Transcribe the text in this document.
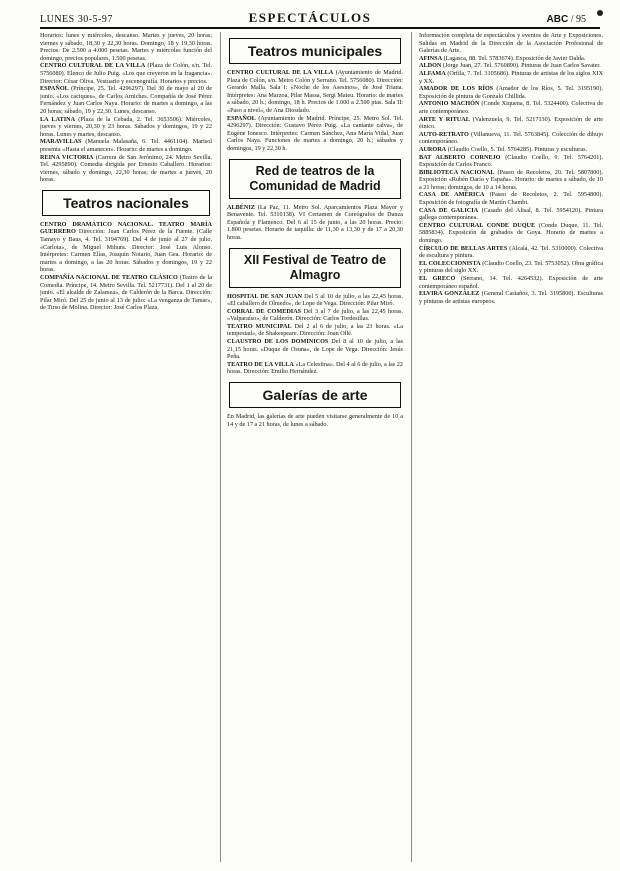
LUNES 30-5-97	ESPECTÁCULOS	ABC / 95

Horarios: lunes y miércoles, descanso. Martes y jueves, 20 horas; viernes y sábado, 18,30 y 22,30 horas. Domingo, 18 y 19,30 horas. Precios: De 2.500 a 4.000 pesetas. Martes y miércoles función del domingo, precios populares, 1.500 pesetas.

CENTRO CULTURAL DE LA VILLA (Plaza de Colón, s/n. Tel. 5756080). Elenco de Julio Puig. «Los que creyeron en la fragancia». Director: César Oliva. Vestuario y escenografía. Horarios y precios.

ESPAÑOL (Príncipe, 25. Tel. 4296297). Del 30 de mayo al 20 de junio. «Los caciques», de Carlos Arniches. Compañía de José Pérez Fernández y Juan Carlos Naya. Horario: de martes a domingo, a las 20 horas; sábado, 19 y 22,30. Lunes, descanso.

LA LATINA (Plaza de la Cebada, 2. Tel. 3653506). Miércoles, jueves y viernes, 20,30 y 23 horas. Sábados y domingos, 19 y 22 horas. Lunes y martes, descanso.

MARAVILLAS (Manuela Malasaña, 6. Tel. 4461104). Marisol presenta «Hasta el amanecer». Horario: de martes a domingo.

REINA VICTORIA (Carrera de San Jerónimo, 24. Metro Sevilla. Tel. 4295890). Comedia dirigida por Ernesto Caballero. Horarios: viernes, sábado y domingo, 22,30 horas; de martes a jueves, 20 horas.

Teatros nacionales

CENTRO DRAMÁTICO NACIONAL. TEATRO MARÍA GUERRERO Dirección: Juan Carlos Pérez de la Fuente. (Calle Tamayo y Baus, 4. Tel. 3194769). Del 4 de junio al 27 de julio. «Carlota», de Miguel Mihura. Director: José Luis Alonso. Intérpretes: Carmen Elías, Joaquín Notario, Juan Gea. Horario: de martes a domingo, a las 20 horas. Sábados y domingos, 19 y 22 horas.

COMPAÑÍA NACIONAL DE TEATRO CLÁSICO (Teatro de la Comedia. Príncipe, 14. Metro Sevilla. Tel. 5217731). Del 1 al 20 de junio. «El alcalde de Zalamea», de Calderón de la Barca. Dirección: Pilar Miró. Del 25 de junio al 13 de julio: «La venganza de Tamar», de Tirso de Molina. Director: José Carlos Plaza.

Teatros municipales

CENTRO CULTURAL DE LA VILLA (Ayuntamiento de Madrid. Plaza de Colón, s/n. Metro Colón y Serrano. Tel. 5756080). Dirección: Gerardo Malla. Sala I: «Noche de los Asesinos», de José Triana. Intérpretes: Ana Marzoa, Pilar Massa, Sergi Mateu. Horario: de martes a sábado, 20 h.; domingo, 18 h. Precios de 1.000 a 2.500 ptas. Sala II: «Paso a nivel», de Ana Diosdado.

ESPAÑOL (Ayuntamiento de Madrid. Príncipe, 25. Metro Sol. Tel. 4296297). Dirección: Gustavo Pérez Puig. «La cantante calva», de Eugène Ionesco. Intérpretes: Carmen Sánchez, Ana María Vidal, Juan Carlos Naya. Funciones de martes a domingo, 20 h.; sábados y domingos, 19 y 22,30 h.

Red de teatros de la Comunidad de Madrid

ALBÉNIZ (La Paz, 11. Metro Sol. Aparcamientos Plaza Mayor y Benavente. Tel. 5310138). VI Certamen de Coreógrafos de Danza Española y Flamenco. Del 6 al 15 de junio, a las 20 horas. Precio: 1.800 pesetas. Horario de taquilla: de 11,30 a 13,30 y de 17 a 20,30 horas.

XII Festival de Teatro de Almagro

HOSPITAL DE SAN JUAN Del 5 al 10 de julio, a las 22,45 horas. «El caballero de Olmedo», de Lope de Vega. Dirección: Pilar Miró.

CORRAL DE COMEDIAS Del 3 al 7 de julio, a las 22,45 horas. «Valparaíso», de Calderón. Dirección: Carlos Tordesillas.

TEATRO MUNICIPAL Del 2 al 6 de julio, a las 23 horas. «La tempestad», de Shakespeare. Dirección: Joan Ollé.

CLAUSTRO DE LOS DOMINICOS Del 8 al 10 de julio, a las 21,15 horas. «Duque de Osuna», de Lope de Vega. Dirección: Jesús Peña.

TEATRO DE LA VILLA «La Celestina». Del 4 al 6 de julio, a las 22 horas. Dirección: Emilio Hernández.

Galerías de arte

En Madrid, las galerías de arte pueden visitarse generalmente de 10 a 14 y de 17 a 21 horas, de lunes a sábado.

Información completa de espectáculos y eventos de Arte y Exposiciones. Salidas en Madrid de la Dirección de la Asociación Profesional de Galerías de Arte.

AFINSA (Lagasca, 88. Tel. 5783674). Exposición de Javier Dalda.

ALDON (Jorge Juan, 27. Tel. 5760890). Pinturas de Juan Carlos Savater.

ALFAMA (Orfila, 7. Tel. 3105686). Pinturas de artistas de los siglos XIX y XX.

AMADOR DE LOS RÍOS (Amador de los Ríos, 5. Tel. 3195190). Exposición de pintura de Gonzalo Chillida.

ANTONIO MACHÓN (Conde Xiquena, 8. Tel. 5324400). Colectiva de arte contemporáneo.

ARTE Y RITUAL (Valenzuela, 9. Tel. 5217130). Exposición de arte étnico.

AUTO-RETRATO (Villanueva, 11. Tel. 5763845). Colección de dibujo contemporáneo.

AURORA (Claudio Coello, 5. Tel. 5764285). Pinturas y esculturas.

BAT ALBERTO CORNEJO (Claudio Coello, 9. Tel. 5764201). Exposición de Carlos Franco.

BIBLIOTECA NACIONAL (Paseo de Recoletos, 20. Tel. 5807800). Exposición «Rubén Darío y España». Horario: de martes a sábado, de 10 a 21 horas; domingos, de 10 a 14 horas.

CASA DE AMÉRICA (Paseo de Recoletos, 2. Tel. 5954800). Exposición de fotografía de Martín Chambi.

CASA DE GALICIA (Casado del Alisal, 8. Tel. 5954120). Pintura gallega contemporánea.

CENTRO CULTURAL CONDE DUQUE (Conde Duque, 11. Tel. 5885834). Exposición de grabados de Goya. Horario de martes a domingo.

CÍRCULO DE BELLAS ARTES (Alcalá, 42. Tel. 5310000). Colectiva de escultura y pintura.

EL COLECCIONISTA (Claudio Coello, 23. Tel. 5753052). Obra gráfica y pinturas del siglo XX.

EL GRECO (Serrano, 14. Tel. 4264532). Exposición de arte contemporáneo español.

ELVIRA GONZÁLEZ (General Castaños, 3. Tel. 3195800). Esculturas y pinturas de artistas europeos.
